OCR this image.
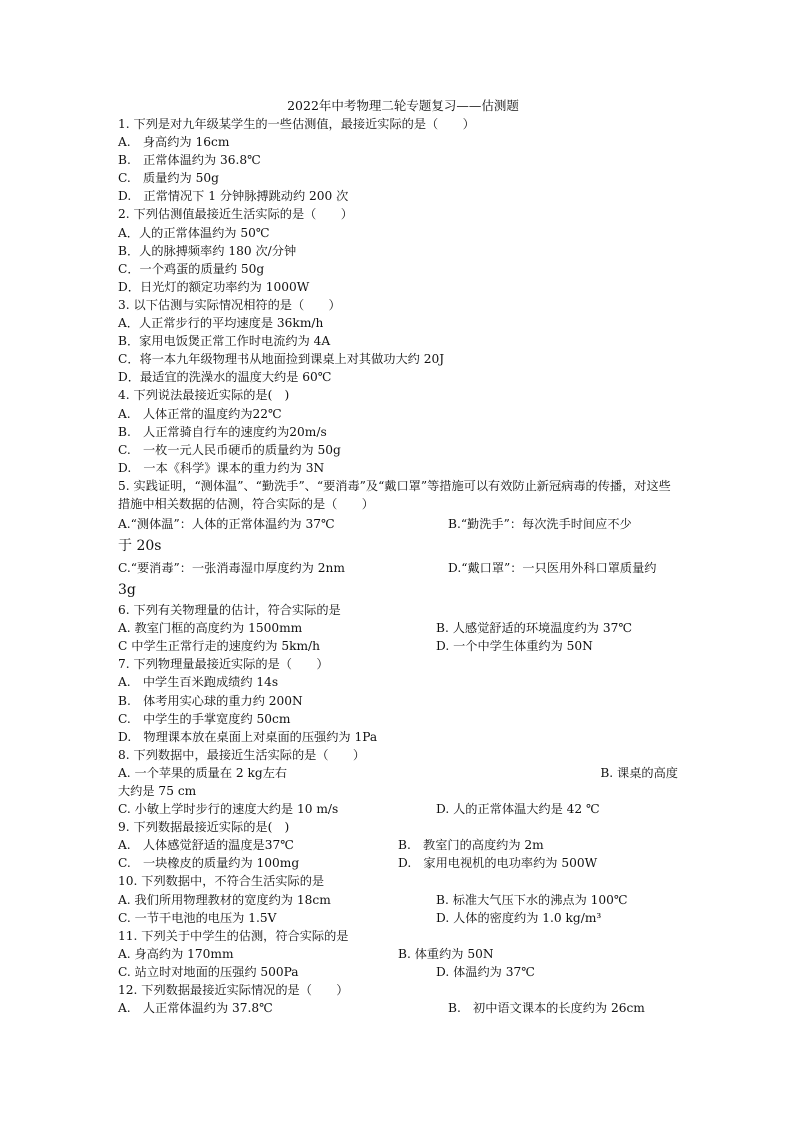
2022年中考物理二轮专题复习——估测题
1. 下列是对九年级某学生的一些估测值，最接近实际的是（　　）
A.　身高约为 16cm
B.　正常体温约为 36.8℃
C.　质量约为 50g
D.　正常情况下 1 分钟脉搏跳动约 200 次
2. 下列估测值最接近生活实际的是（　　）
A．人的正常体温约为 50℃
B．人的脉搏频率约 180 次/分钟
C．一个鸡蛋的质量约 50g
D．日光灯的额定功率约为 1000W
3. 以下估测与实际情况相符的是（　　）
A．人正常步行的平均速度是 36km/h
B．家用电饭煲正常工作时电流约为 4A
C．将一本九年级物理书从地面捡到课桌上对其做功大约 20J
D．最适宜的洗澡水的温度大约是 60℃
4. 下列说法最接近实际的是(　)
A.　人体正常的温度约为22℃
B.　人正常骑自行车的速度约为20m/s
C.　一枚一元人民币硬币的质量约为 50g
D.　一本《科学》课本的重力约为 3N
5. 实践证明，“测体温”、“勤洗手”、“要消毒”及“戴口罩”等措施可以有效防止新冠病毒的传播，对这些措施中相关数据的估测，符合实际的是（　　）
A.“测体温”：人体的正常体温约为 37℃	B.“勤洗手”：每次洗手时间应不少
于 20s
C.“要消毒”：一张消毒湿巾厚度约为 2nm	D.“戴口罩”：一只医用外科口罩质量约
3g
6. 下列有关物理量的估计，符合实际的是
A. 教室门框的高度约为 1500mm	B. 人感觉舒适的环境温度约为 37℃
C 中学生正常行走的速度约为 5km/h	D. 一个中学生体重约为 50N
7. 下列物理量最接近实际的是（　　）
A.　中学生百米跑成绩约 14s
B.　体考用实心球的重力约 200N
C.　中学生的手掌宽度约 50cm
D.　物理课本放在桌面上对桌面的压强约为 1Pa
8. 下列数据中，最接近生活实际的是（　　）
A. 一个苹果的质量在 2 kg左右	B. 课桌的高度
大约是 75 cm
C. 小敏上学时步行的速度大约是 10 m/s	D. 人的正常体温大约是 42 ℃
9. 下列数据最接近实际的是(　)
A.　人体感觉舒适的温度是37℃	B.　教室门的高度约为 2m
C.　一块橡皮的质量约为 100mg	D.　家用电视机的电功率约为 500W
10. 下列数据中，不符合生活实际的是
A. 我们所用物理教材的宽度约为 18cm	B. 标准大气压下水的沸点为 100℃
C. 一节干电池的电压为 1.5V	D. 人体的密度约为 1.0 kg/m³
11. 下列关于中学生的估测，符合实际的是
A. 身高约为 170mm	B. 体重约为 50N
C. 站立时对地面的压强约 500Pa	D. 体温约为 37℃
12. 下列数据最接近实际情况的是（　　）
A.　人正常体温约为 37.8℃	B.　初中语文课本的长度约为 26cm
